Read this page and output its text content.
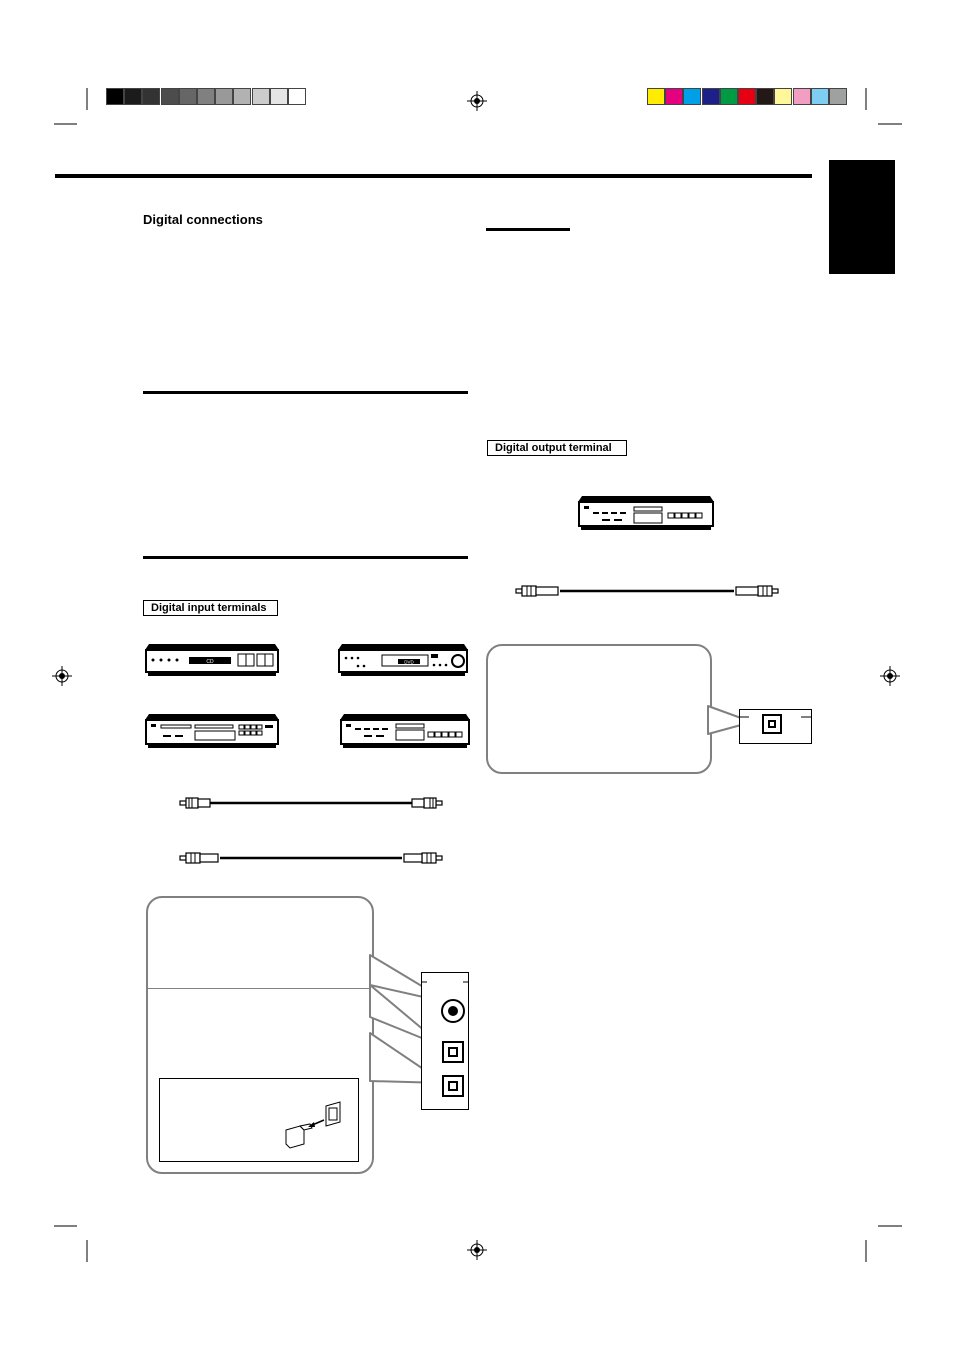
Digital connections
Digital input terminals
Digital output terminal
CD	DVD
